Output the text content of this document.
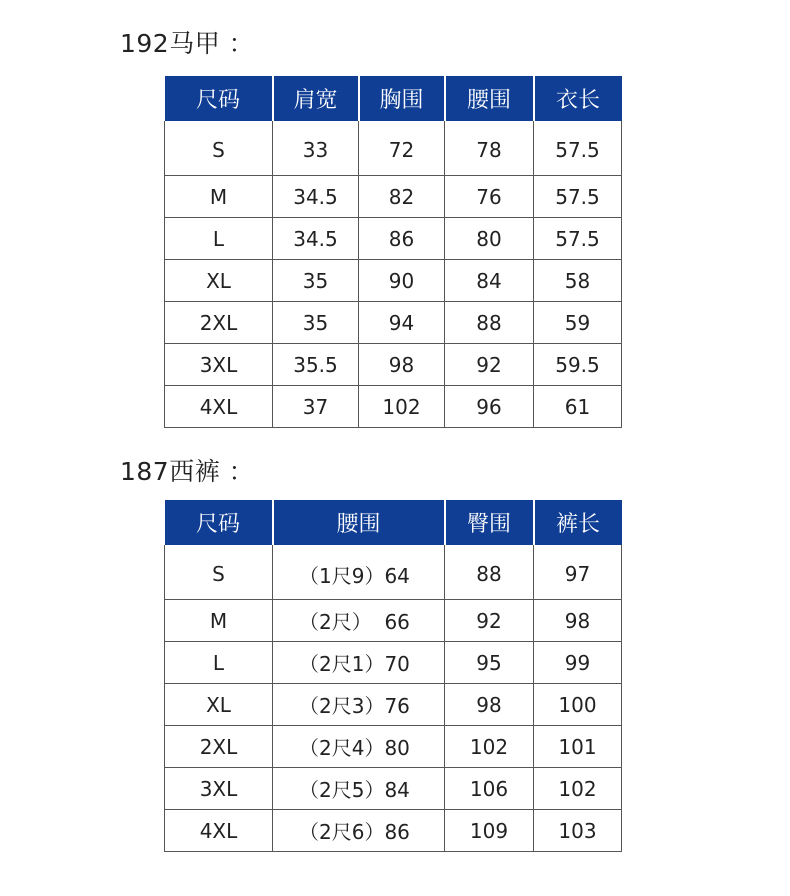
192马甲 ：
尺码	肩宽	胸围	腰围	衣长
S	33	72	78	57.5
M	34.5	82	76	57.5
L	34.5	86	80	57.5
XL	35	90	84	58
2XL	35	94	88	59
3XL	35.5	98	92	59.5
4XL	37	102	96	61
187西裤 ：
尺码	腰围	臀围	裤长
S	（1尺9）64	88	97
M	（2尺）  66	92	98
L	（2尺1）70	95	99
XL	（2尺3）76	98	100
2XL	（2尺4）80	102	101
3XL	（2尺5）84	106	102
4XL	（2尺6）86	109	103
